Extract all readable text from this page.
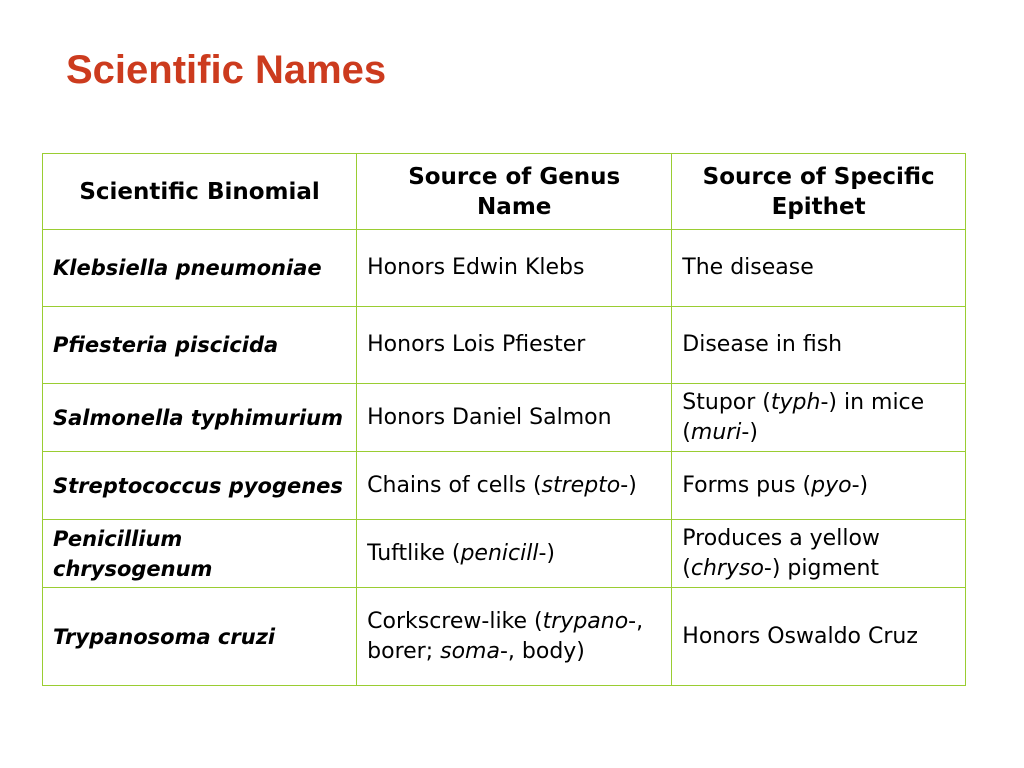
Scientific Names
Scientific Binomial	Source of Genus Name	Source of Specific Epithet
Klebsiella pneumoniae	Honors Edwin Klebs	The disease
Pfiesteria piscicida	Honors Lois Pfiester	Disease in fish
Salmonella typhimurium	Honors Daniel Salmon	Stupor (typh-) in mice (muri-)
Streptococcus pyogenes	Chains of cells (strepto-)	Forms pus (pyo-)
Penicillium chrysogenum	Tuftlike (penicill-)	Produces a yellow (chryso-) pigment
Trypanosoma cruzi	Corkscrew-like (trypano-, borer; soma-, body)	Honors Oswaldo Cruz
